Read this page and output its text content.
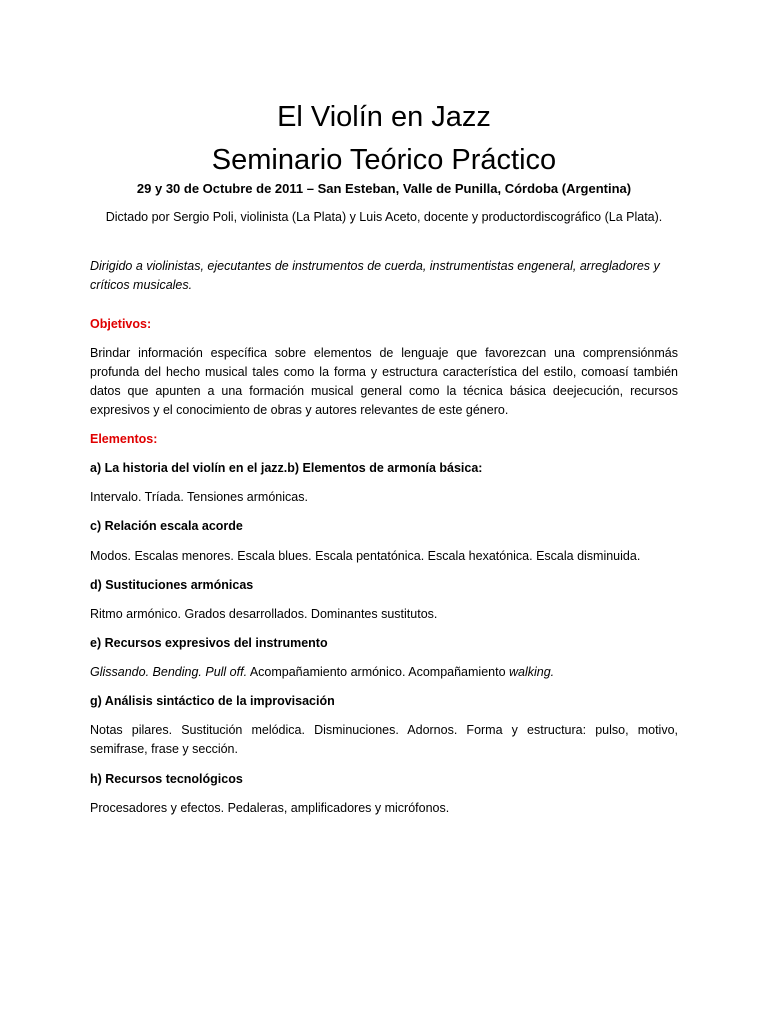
El Violín en Jazz
Seminario Teórico Práctico
29 y 30 de Octubre de 2011 – San Esteban, Valle de Punilla, Córdoba (Argentina)
Dictado por Sergio Poli, violinista (La Plata) y Luis Aceto, docente y productordiscográfico (La Plata).

Dirigido a violinistas, ejecutantes de instrumentos de cuerda, instrumentistas engeneral, arregladores y críticos musicales.

Objetivos:

Brindar información específica sobre elementos de lenguaje que favorezcan una comprensiónmás profunda del hecho musical tales como la forma y estructura característica del estilo, comoasí también datos que apunten a una formación musical general como la técnica básica deejecución, recursos expresivos y el conocimiento de obras y autores relevantes de este género.

Elementos:
a) La historia del violín en el jazz.b) Elementos de armonía básica:
Intervalo. Tríada. Tensiones armónicas.
c) Relación escala acorde
Modos. Escalas menores. Escala blues. Escala pentatónica. Escala hexatónica. Escala disminuida.
d) Sustituciones armónicas
Ritmo armónico. Grados desarrollados. Dominantes sustitutos.
e) Recursos expresivos del instrumento
Glissando. Bending. Pull off. Acompañamiento armónico. Acompañamiento walking.
g) Análisis sintáctico de la improvisación

Notas pilares. Sustitución melódica. Disminuciones. Adornos. Forma y estructura: pulso, motivo, semifrase, frase y sección.

h) Recursos tecnológicos
Procesadores y efectos. Pedaleras, amplificadores y micrófonos.
